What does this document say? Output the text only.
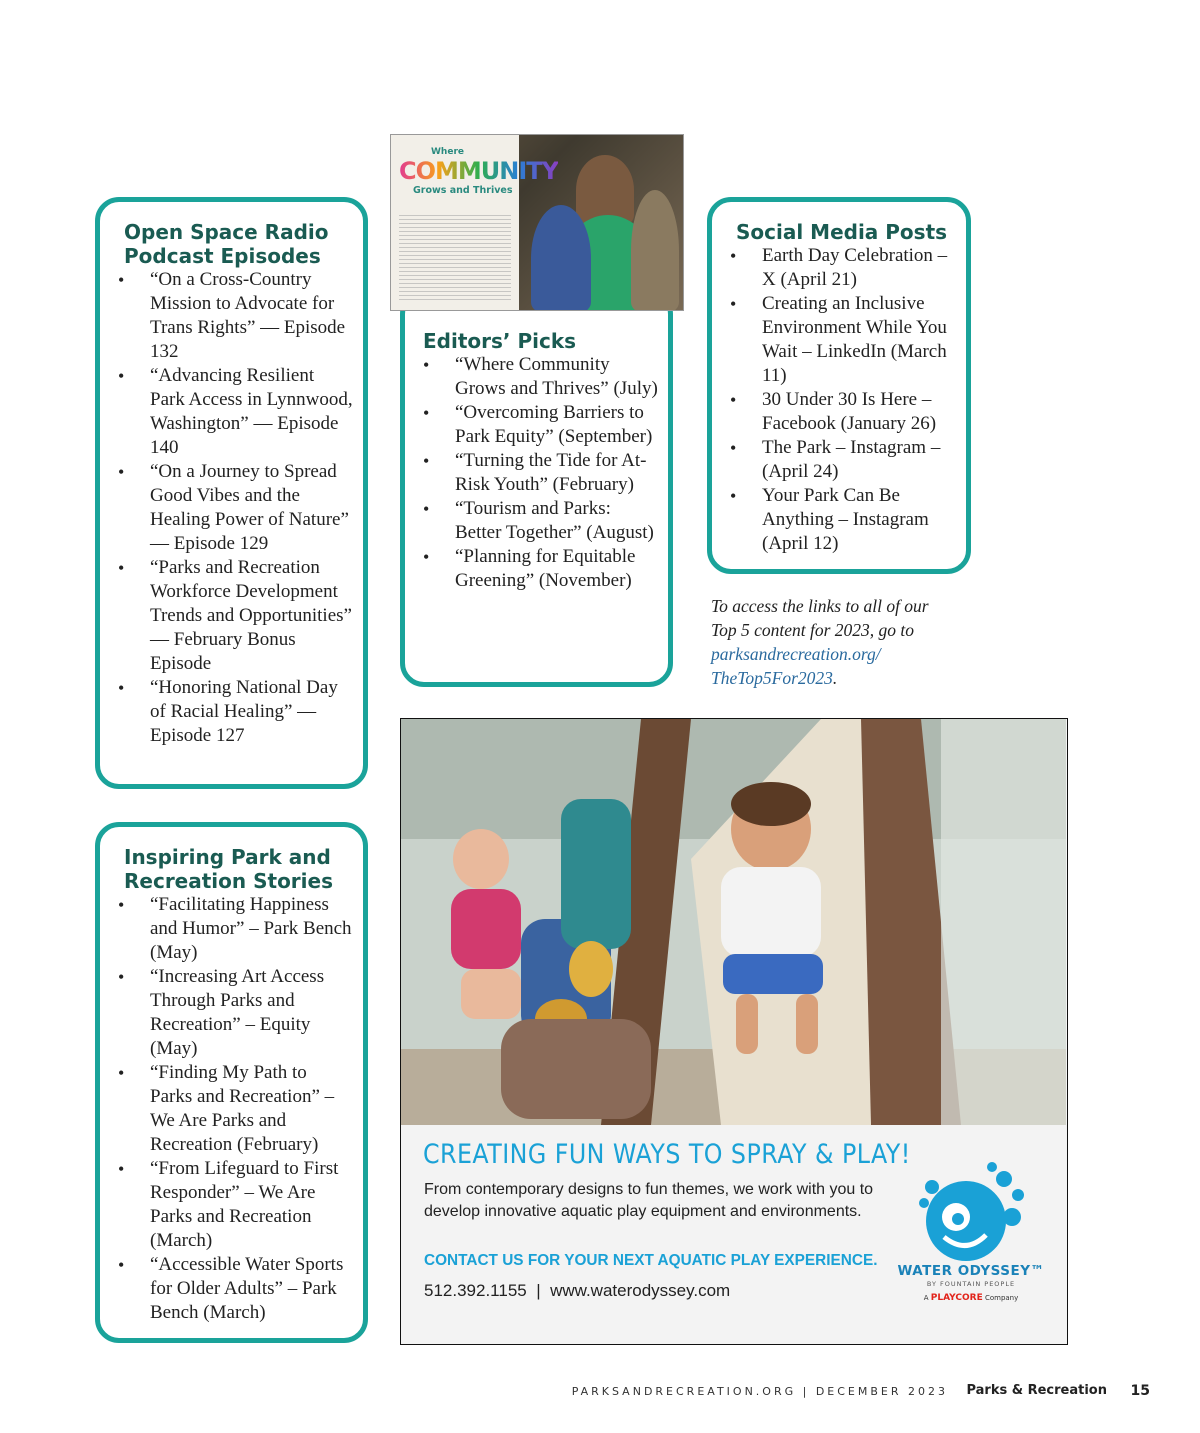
Open Space Radio
Podcast Episodes
• “On a Cross-Country Mission to Advocate for Trans Rights” — Episode 132
• “Advancing Resilient Park Access in Lynnwood, Washington” — Episode 140
• “On a Journey to Spread Good Vibes and the Healing Power of Nature” — Episode 129
• “Parks and Recreation Workforce Development Trends and Opportunities” — February Bonus Episode
• “Honoring National Day of Racial Healing” — Episode 127
Inspiring Park and
Recreation Stories
• “Facilitating Happiness and Humor” – Park Bench (May)
• “Increasing Art Access Through Parks and Recreation” – Equity (May)
• “Finding My Path to Parks and Recreation” – We Are Parks and Recreation (February)
• “From Lifeguard to First Responder” – We Are Parks and Recreation (March)
• “Accessible Water Sports for Older Adults” – Park Bench (March)
Editors’ Picks
• “Where Community Grows and Thrives” (July)
• “Overcoming Barriers to Park Equity” (September)
• “Turning the Tide for At-Risk Youth” (February)
• “Tourism and Parks: Better Together” (August)
• “Planning for Equitable Greening” (November)
Where
COMMUNITY
Grows and Thrives
Social Media Posts
• Earth Day Celebration – X (April 21)
• Creating an Inclusive Environment While You Wait – LinkedIn (March 11)
• 30 Under 30 Is Here – Facebook (January 26)
• The Park – Instagram – (April 24)
• Your Park Can Be Anything – Instagram (April 12)
To access the links to all of our Top 5 content for 2023, go to parksandrecreation.org/ TheTop5For2023.
CREATING FUN WAYS TO SPRAY & PLAY!
From contemporary designs to fun themes, we work with you to develop innovative aquatic play equipment and environments.
CONTACT US FOR YOUR NEXT AQUATIC PLAY EXPERIENCE.
512.392.1155 | www.waterodyssey.com
WATER ODYSSEY™
BY FOUNTAIN PEOPLE
A PLAYCORE Company
PARKSANDRECREATION.ORG | DECEMBER 2023 Parks & Recreation 15
